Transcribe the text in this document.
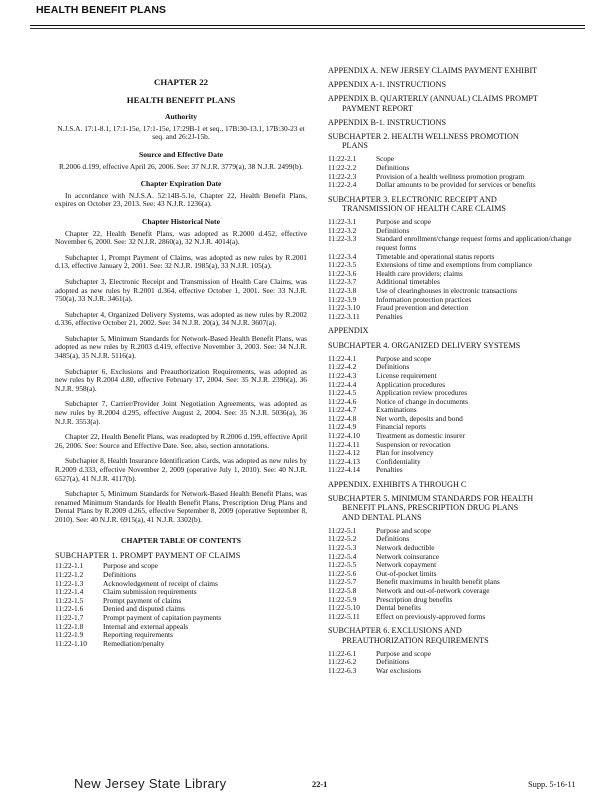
HEALTH BENEFIT PLANS
CHAPTER 22
HEALTH BENEFIT PLANS
Authority

N.J.S.A. 17:1-8.1, 17:1-15e, 17:1-15e, 17:29B-1 et seq., 17B:30-13.1, 17B:30-23 et seq. and 26:2J-15b.

Source and Effective Date

R.2006 d.199, effective April 26, 2006. See: 37 N.J.R. 3779(a), 38 N.J.R. 2499(b).

Chapter Expiration Date

In accordance with N.J.S.A. 52:14B-5.1e, Chapter 22, Health Benefit Plans, expires on October 23, 2013. See: 43 N.J.R. 1236(a).

Chapter Historical Note

Chapter 22, Health Benefit Plans, was adopted as R.2000 d.452, effective November 6, 2000. See: 32 N.J.R. 2860(a), 32 N.J.R. 4014(a).

Subchapter 1, Prompt Payment of Claims, was adopted as new rules by R.2001 d.13, effective January 2, 2001. See: 32 N.J.R. 1985(a), 33 N.J.R. 105(a).

Subchapter 3, Electronic Receipt and Transmission of Health Care Claims, was adopted as new rules by R.2001 d.364, effective October 1, 2001. See: 33 N.J.R. 750(a), 33 N.J.R. 3461(a).

Subchapter 4, Organized Delivery Systems, was adopted as new rules by R.2002 d.336, effective October 21, 2002. See: 34 N.J.R. 20(a), 34 N.J.R. 3607(a).

Subchapter 5, Minimum Standards for Network-Based Health Benefit Plans, was adopted as new rules by R.2003 d.419, effective November 3, 2003. See: 34 N.J.R. 3485(a), 35 N.J.R. 5116(a).

Subchapter 6, Exclusions and Preauthorization Requirements, was adopted as new rules by R.2004 d.80, effective February 17, 2004. See: 35 N.J.R. 2396(a), 36 N.J.R. 958(a).

Subchapter 7, Carrier/Provider Joint Negotiation Agreements, was adopted as new rules by R.2004 d.295, effective August 2, 2004. See: 35 N.J.R. 5036(a), 36 N.J.R. 3553(a).

Chapter 22, Health Benefit Plans, was readopted by R.2006 d.199, effective April 26, 2006. See: Source and Effective Date. See, also, section annotations.

Subchapter 8, Health Insurance Identification Cards, was adopted as new rules by R.2009 d.333, effective November 2, 2009 (operative July 1, 2010). See: 40 N.J.R. 6527(a), 41 N.J.R. 4117(b).

Subchapter 5, Minimum Standards for Network-Based Health Benefit Plans, was renamed Minimum Standards for Health Benefit Plans, Prescription Drug Plans and Dental Plans by R.2009 d.265, effective September 8, 2009 (operative September 8, 2010). See: 40 N.J.R. 6915(a), 41 N.J.R. 3302(b).

CHAPTER TABLE OF CONTENTS
SUBCHAPTER 1. PROMPT PAYMENT OF CLAIMS
11:22-1.1	Purpose and scope
11:22-1.2	Definitions
11:22-1.3	Acknowledgement of receipt of claims
11:22-1.4	Claim submission requirements
11:22-1.5	Prompt payment of claims
11:22-1.6	Denied and disputed claims
11:22-1.7	Prompt payment of capitation payments
11:22-1.8	Internal and external appeals
11:22-1.9	Reporting requirements
11:22-1.10	Remediation/penalty
APPENDIX A. NEW JERSEY CLAIMS PAYMENT EXHIBIT
APPENDIX A-1. INSTRUCTIONS
APPENDIX B. QUARTERLY (ANNUAL) CLAIMS PROMPT
PAYMENT REPORT
APPENDIX B-1. INSTRUCTIONS
SUBCHAPTER 2. HEALTH WELLNESS PROMOTION
PLANS
11:22-2.1	Scope
11:22-2.2	Definitions
11:22-2.3	Provision of a health wellness promotion program
11:22-2.4	Dollar amounts to be provided for services or benefits
SUBCHAPTER 3. ELECTRONIC RECEIPT AND
TRANSMISSION OF HEALTH CARE CLAIMS
11:22-3.1	Purpose and scope
11:22-3.2	Definitions
11:22-3.3	Standard enrollment/change request forms and application/change request forms
11:22-3.4	Timetable and operational status reports
11:22-3.5	Extensions of time and exemptions from compliance
11:22-3.6	Health care providers; claims
11:22-3.7	Additional timetables
11:22-3.8	Use of clearinghouses in electronic transactions
11:22-3.9	Information protection practices
11:22-3.10	Fraud prevention and detection
11:22-3.11	Penalties
APPENDIX
SUBCHAPTER 4. ORGANIZED DELIVERY SYSTEMS
11:22-4.1	Purpose and scope
11:22-4.2	Definitions
11:22-4.3	License requirement
11:22-4.4	Application procedures
11:22-4.5	Application review procedures
11:22-4.6	Notice of change in documents
11:22-4.7	Examinations
11:22-4.8	Net worth, deposits and bond
11:22-4.9	Financial reports
11:22-4.10	Treatment as domestic insurer
11:22-4.11	Suspension or revocation
11:22-4.12	Plan for insolvency
11:22-4.13	Confidentiality
11:22-4.14	Penalties
APPENDIX. EXHIBITS A THROUGH C
SUBCHAPTER 5. MINIMUM STANDARDS FOR HEALTH
BENEFIT PLANS, PRESCRIPTION DRUG PLANS
AND DENTAL PLANS
11:22-5.1	Purpose and scope
11:22-5.2	Definitions
11:22-5.3	Network deductible
11:22-5.4	Network coinsurance
11:22-5.5	Network copayment
11:22-5.6	Out-of-pocket limits
11:22-5.7	Benefit maximums in health benefit plans
11:22-5.8	Network and out-of-network coverage
11:22-5.9	Prescription drug benefits
11:22-5.10	Dental benefits
11:22-5.11	Effect on previously-approved forms
SUBCHAPTER 6. EXCLUSIONS AND
PREAUTHORIZATION REQUIREMENTS
11:22-6.1	Purpose and scope
11:22-6.2	Definitions
11:22-6.3	War exclusions
New Jersey State Library	22-1	Supp. 5-16-11
